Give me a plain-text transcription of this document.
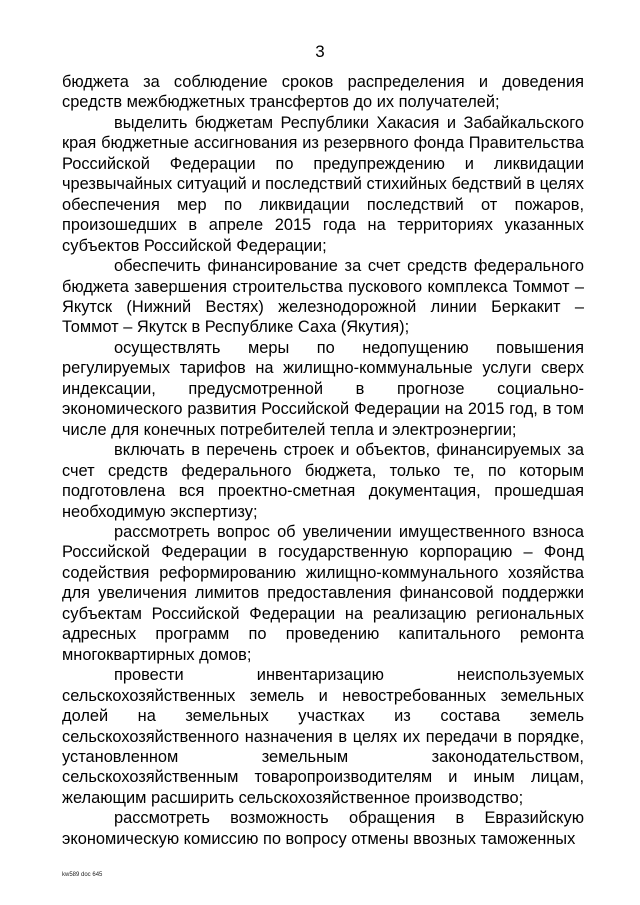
3

бюджета за соблюдение сроков распределения и доведения средств межбюджетных трансфертов до их получателей;

выделить бюджетам Республики Хакасия и Забайкальского края бюджетные ассигнования из резервного фонда Правительства Российской Федерации по предупреждению и ликвидации чрезвычайных ситуаций и последствий стихийных бедствий в целях обеспечения мер по ликвидации последствий от пожаров, произошедших в апреле 2015 года на территориях указанных субъектов Российской Федерации;

обеспечить финансирование за счет средств федерального бюджета завершения строительства пускового комплекса Томмот – Якутск (Нижний Вестях) железнодорожной линии Беркакит – Томмот – Якутск в Республике Саха (Якутия);

осуществлять меры по недопущению повышения регулируемых тарифов на жилищно-коммунальные услуги сверх индексации, предусмотренной в прогнозе социально-экономического развития Российской Федерации на 2015 год, в том числе для конечных потребителей тепла и электроэнергии;

включать в перечень строек и объектов, финансируемых за счет средств федерального бюджета, только те, по которым подготовлена вся проектно-сметная документация, прошедшая необходимую экспертизу;

рассмотреть вопрос об увеличении имущественного взноса Российской Федерации в государственную корпорацию – Фонд содействия реформированию жилищно-коммунального хозяйства для увеличения лимитов предоставления финансовой поддержки субъектам Российской Федерации на реализацию региональных адресных программ по проведению капитального ремонта многоквартирных домов;

провести инвентаризацию неиспользуемых сельскохозяйственных земель и невостребованных земельных долей на земельных участках из состава земель сельскохозяйственного назначения в целях их передачи в порядке, установленном земельным законодательством, сельскохозяйственным товаропроизводителям и иным лицам, желающим расширить сельскохозяйственное производство;

рассмотреть возможность обращения в Евразийскую экономическую комиссию по вопросу отмены ввозных таможенных

kw589 doc 645
